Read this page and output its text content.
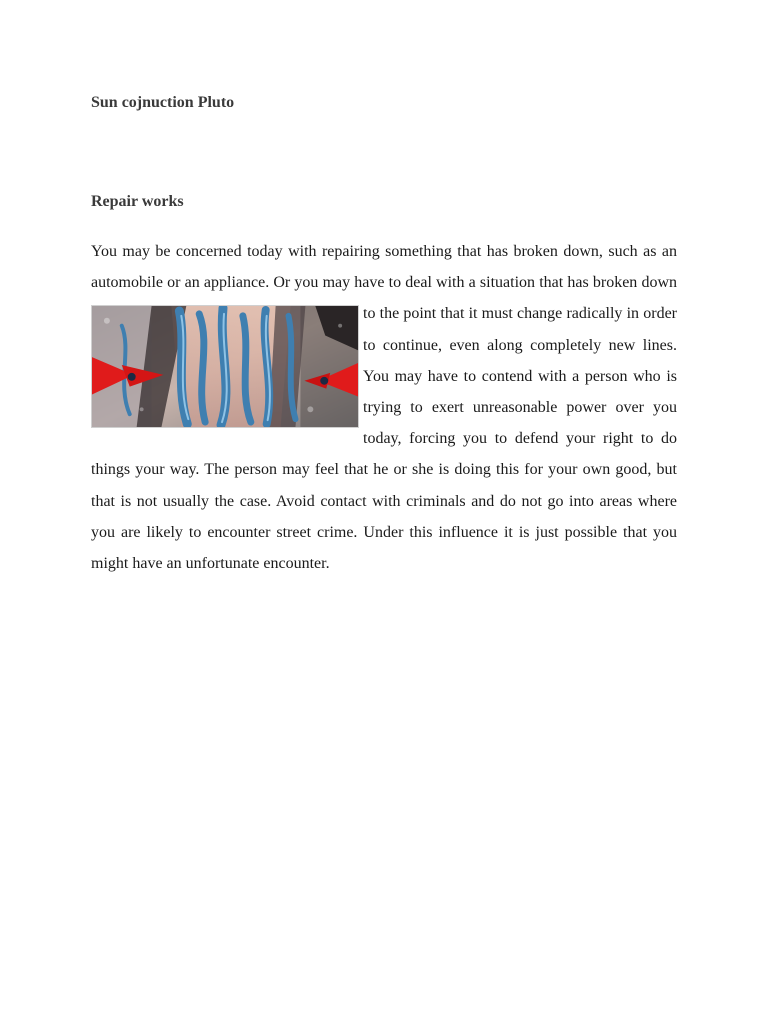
Sun cojnuction Pluto
Repair works

You may be concerned today with repairing something that has broken down, such as an automobile or an appliance. Or you may have to deal with a situation that has
broken down to the point that it must change radically in order to continue, even along completely new lines. You may have to contend with a person who is trying to exert unreasonable power over you today, forcing you to defend your right to do things your way. The person may feel that he or she is doing this for your own good, but that is not usually the case. Avoid contact with criminals and do not go into areas where you are likely to encounter street crime. Under this influence it is just possible that you might have an unfortunate encounter.
